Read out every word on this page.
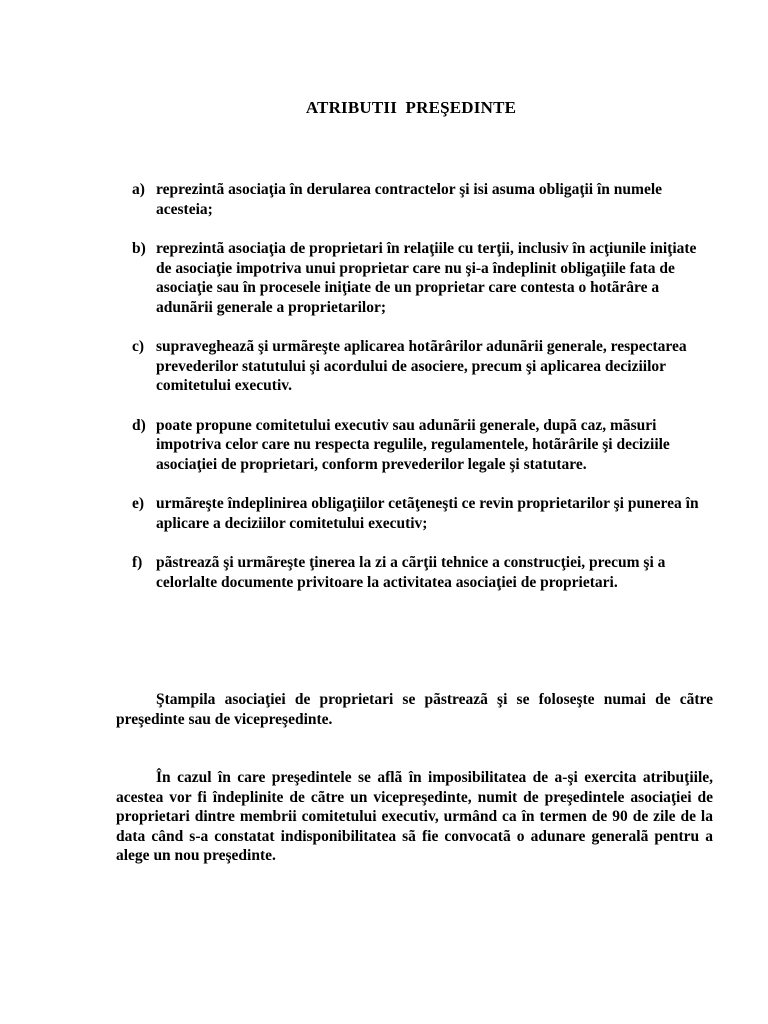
ATRIBUTII PREŞEDINTE
a) reprezintã asociaţia în derularea contractelor şi isi asuma obligaţii în numele acesteia;
b) reprezintã asociaţia de proprietari în relaţiile cu terţii, inclusiv în acţiunile iniţiate de asociaţie impotriva unui proprietar care nu şi-a îndeplinit obligaţiile fata de asociaţie sau în procesele iniţiate de un proprietar care contesta o hotãrâre a adunãrii generale a proprietarilor;
c) supravegheazã şi urmãreşte aplicarea hotãrârilor adunãrii generale, respectarea prevederilor statutului şi acordului de asociere, precum şi aplicarea deciziilor comitetului executiv.
d) poate propune comitetului executiv sau adunãrii generale, dupã caz, mãsuri impotriva celor care nu respecta regulile, regulamentele, hotãrârile şi deciziile asociaţiei de proprietari, conform prevederilor legale şi statutare.
e) urmãreşte îndeplinirea obligaţiilor cetãţeneşti ce revin proprietarilor şi punerea în aplicare a deciziilor comitetului executiv;
f) pãstreazã şi urmãreşte ţinerea la zi a cãrţii tehnice a construcţiei, precum şi a celorlalte documente privitoare la activitatea asociaţiei de proprietari.

Ştampila asociaţiei de proprietari se pãstreazã şi se foloseşte numai de cãtre preşedinte sau de vicepreşedinte.

În cazul în care preşedintele se aflã în imposibilitatea de a-şi exercita atribuţiile, acestea vor fi îndeplinite de cãtre un vicepreşedinte, numit de preşedintele asociaţiei de proprietari dintre membrii comitetului executiv, urmând ca în termen de 90 de zile de la data când s-a constatat indisponibilitatea sã fie convocatã o adunare generalã pentru a alege un nou preşedinte.
